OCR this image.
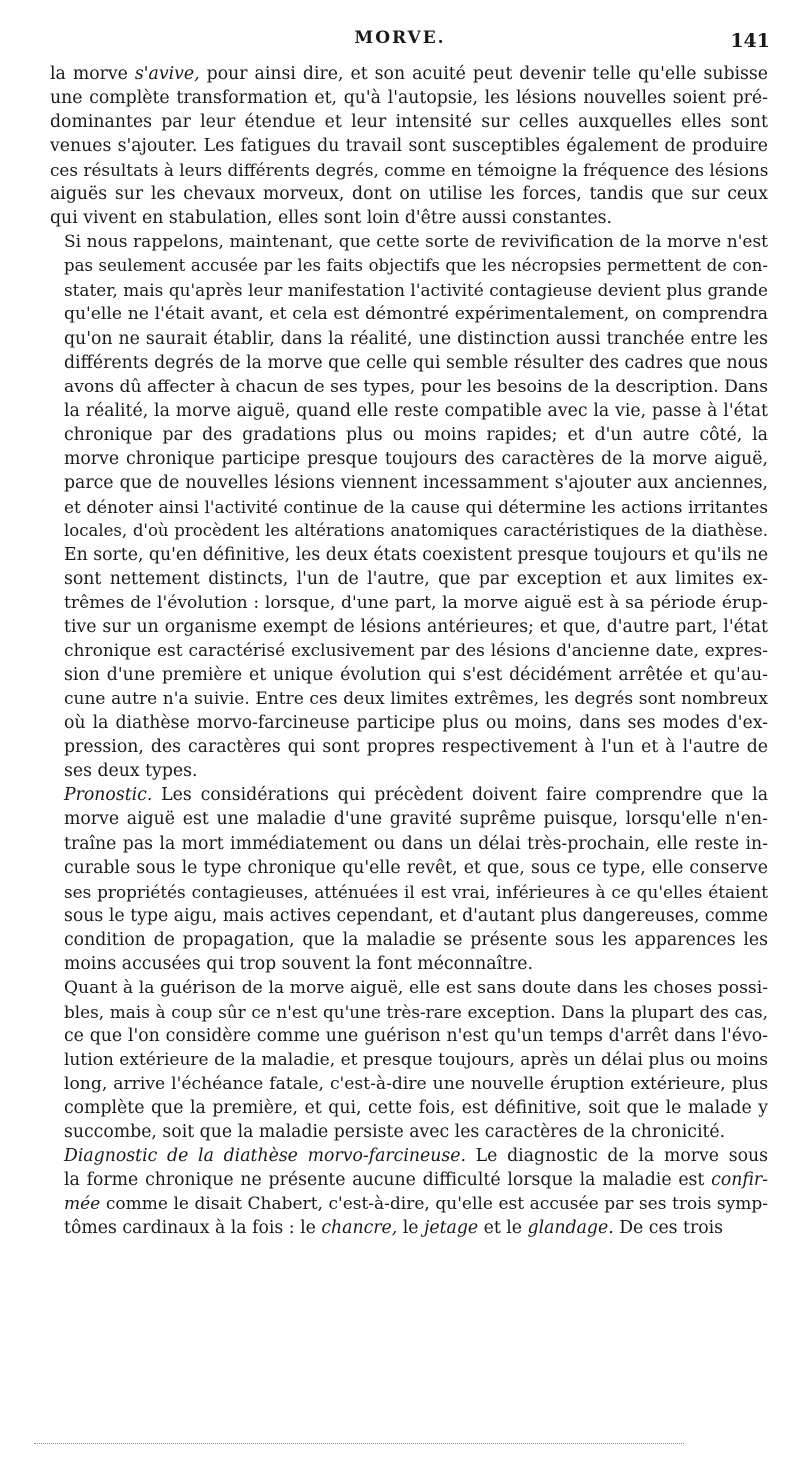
MORVE.	141

la morve s'avive, pour ainsi dire, et son acuité peut devenir telle qu'elle subisse
une complète transformation et, qu'à l'autopsie, les lésions nouvelles soient pré-
dominantes par leur étendue et leur intensité sur celles auxquelles elles sont
venues s'ajouter. Les fatigues du travail sont susceptibles également de produire
ces résultats à leurs différents degrés, comme en témoigne la fréquence des lésions
aiguës sur les chevaux morveux, dont on utilise les forces, tandis que sur ceux
qui vivent en stabulation, elles sont loin d'être aussi constantes.

Si nous rappelons, maintenant, que cette sorte de revivification de la morve n'est
pas seulement accusée par les faits objectifs que les nécropsies permettent de con-
stater, mais qu'après leur manifestation l'activité contagieuse devient plus grande
qu'elle ne l'était avant, et cela est démontré expérimentalement, on comprendra
qu'on ne saurait établir, dans la réalité, une distinction aussi tranchée entre les
différents degrés de la morve que celle qui semble résulter des cadres que nous
avons dû affecter à chacun de ses types, pour les besoins de la description. Dans
la réalité, la morve aiguë, quand elle reste compatible avec la vie, passe à l'état
chronique par des gradations plus ou moins rapides; et d'un autre côté, la
morve chronique participe presque toujours des caractères de la morve aiguë,
parce que de nouvelles lésions viennent incessamment s'ajouter aux anciennes,
et dénoter ainsi l'activité continue de la cause qui détermine les actions irritantes
locales, d'où procèdent les altérations anatomiques caractéristiques de la diathèse.
En sorte, qu'en définitive, les deux états coexistent presque toujours et qu'ils ne
sont nettement distincts, l'un de l'autre, que par exception et aux limites ex-
trêmes de l'évolution : lorsque, d'une part, la morve aiguë est à sa période érup-
tive sur un organisme exempt de lésions antérieures; et que, d'autre part, l'état
chronique est caractérisé exclusivement par des lésions d'ancienne date, expres-
sion d'une première et unique évolution qui s'est décidément arrêtée et qu'au-
cune autre n'a suivie. Entre ces deux limites extrêmes, les degrés sont nombreux
où la diathèse morvo-farcineuse participe plus ou moins, dans ses modes d'ex-
pression, des caractères qui sont propres respectivement à l'un et à l'autre de
ses deux types.

Pronostic. Les considérations qui précèdent doivent faire comprendre que la
morve aiguë est une maladie d'une gravité suprême puisque, lorsqu'elle n'en-
traîne pas la mort immédiatement ou dans un délai très-prochain, elle reste in-
curable sous le type chronique qu'elle revêt, et que, sous ce type, elle conserve
ses propriétés contagieuses, atténuées il est vrai, inférieures à ce qu'elles étaient
sous le type aigu, mais actives cependant, et d'autant plus dangereuses, comme
condition de propagation, que la maladie se présente sous les apparences les
moins accusées qui trop souvent la font méconnaître.

Quant à la guérison de la morve aiguë, elle est sans doute dans les choses possi-
bles, mais à coup sûr ce n'est qu'une très-rare exception. Dans la plupart des cas,
ce que l'on considère comme une guérison n'est qu'un temps d'arrêt dans l'évo-
lution extérieure de la maladie, et presque toujours, après un délai plus ou moins
long, arrive l'échéance fatale, c'est-à-dire une nouvelle éruption extérieure, plus
complète que la première, et qui, cette fois, est définitive, soit que le malade y
succombe, soit que la maladie persiste avec les caractères de la chronicité.

Diagnostic de la diathèse morvo-farcineuse. Le diagnostic de la morve sous
la forme chronique ne présente aucune difficulté lorsque la maladie est confir-
mée comme le disait Chabert, c'est-à-dire, qu'elle est accusée par ses trois symp-
tômes cardinaux à la fois : le chancre, le jetage et le glandage. De ces trois
